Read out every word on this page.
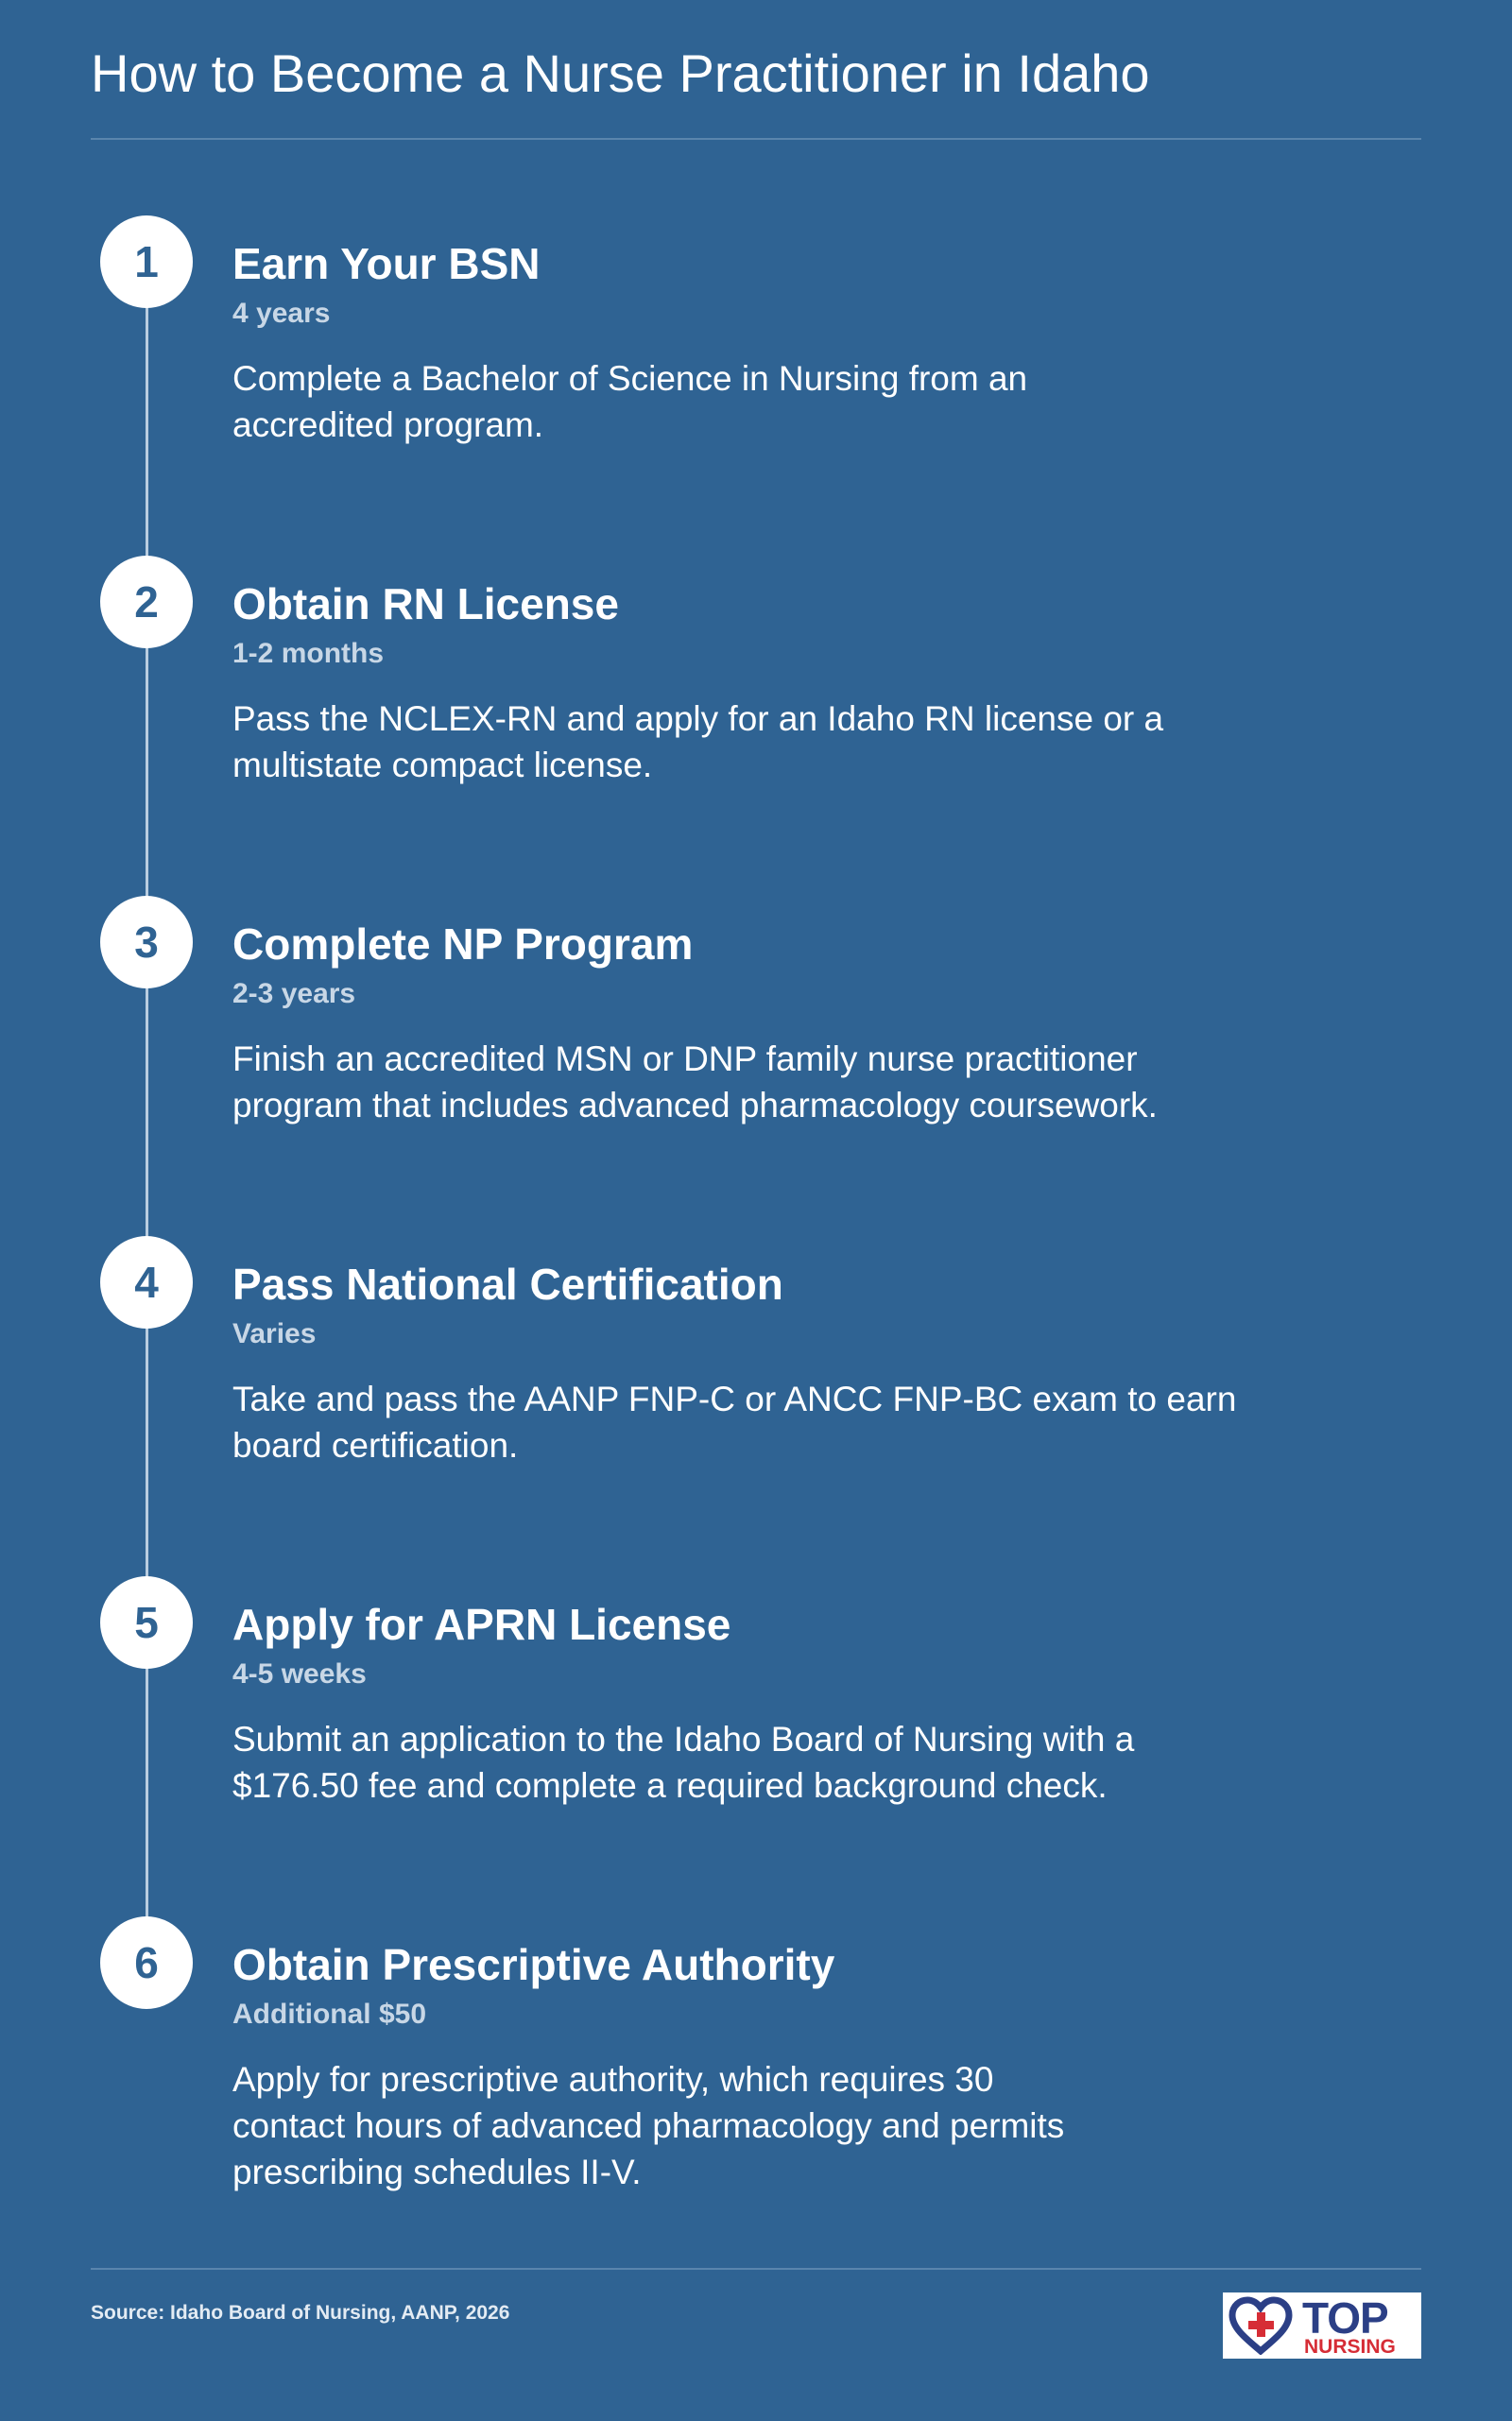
How to Become a Nurse Practitioner in Idaho
1	Earn Your BSN
4 years
Complete a Bachelor of Science in Nursing from an
accredited program.
2	Obtain RN License
1-2 months
Pass the NCLEX-RN and apply for an Idaho RN license or a
multistate compact license.
3	Complete NP Program
2-3 years
Finish an accredited MSN or DNP family nurse practitioner
program that includes advanced pharmacology coursework.
4	Pass National Certification
Varies
Take and pass the AANP FNP-C or ANCC FNP-BC exam to earn
board certification.
5	Apply for APRN License
4-5 weeks
Submit an application to the Idaho Board of Nursing with a
$176.50 fee and complete a required background check.
6	Obtain Prescriptive Authority
Additional $50
Apply for prescriptive authority, which requires 30
contact hours of advanced pharmacology and permits
prescribing schedules II-V.
Source: Idaho Board of Nursing, AANP, 2026	TOP
NURSING
